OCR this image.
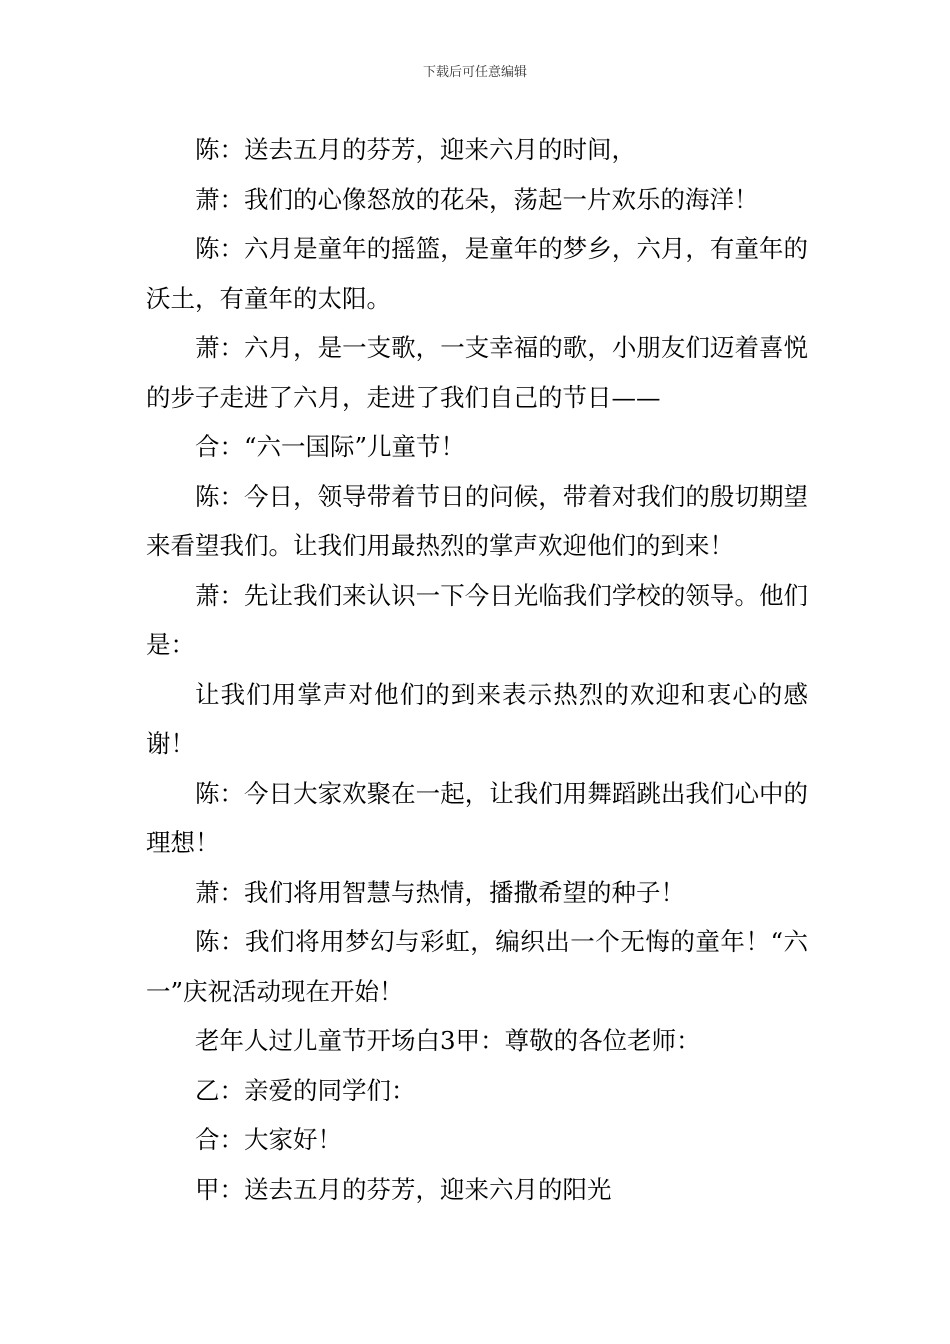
下载后可任意编辑

陈：送去五月的芬芳，迎来六月的时间，

萧：我们的心像怒放的花朵，荡起一片欢乐的海洋！

陈：六月是童年的摇篮，是童年的梦乡，六月，有童年的沃土，有童年的太阳。

萧：六月，是一支歌，一支幸福的歌，小朋友们迈着喜悦的步子走进了六月，走进了我们自己的节日——

合：“六一国际”儿童节！

陈：今日，领导带着节日的问候，带着对我们的殷切期望来看望我们。让我们用最热烈的掌声欢迎他们的到来！

萧：先让我们来认识一下今日光临我们学校的领导。他们是：

让我们用掌声对他们的到来表示热烈的欢迎和衷心的感谢！

陈：今日大家欢聚在一起，让我们用舞蹈跳出我们心中的理想！

萧：我们将用智慧与热情，播撒希望的种子！

陈：我们将用梦幻与彩虹，编织出一个无悔的童年！“六一”庆祝活动现在开始！

老年人过儿童节开场白3甲：尊敬的各位老师：

乙：亲爱的同学们：

合：大家好！

甲：送去五月的芬芳，迎来六月的阳光
